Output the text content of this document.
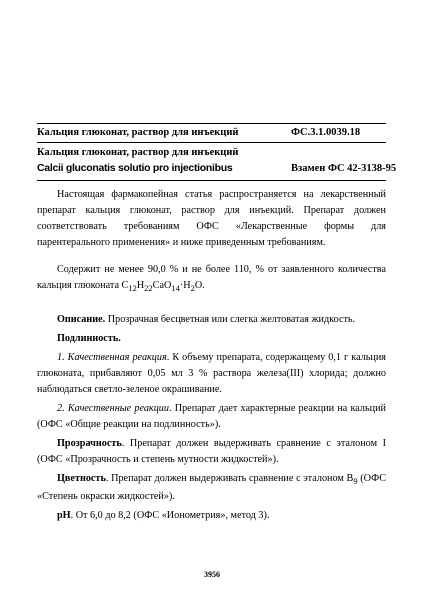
Кальция глюконат, раствор для инъекций	ФС.3.1.0039.18
Кальция глюконат, раствор для инъекций
Calcii gluconatis solutio pro injectionibus	Взамен ФС 42-3138-95

Настоящая фармакопейная статья распространяется на лекарственный препарат кальция глюконат, раствор для инъекций. Препарат должен соответствовать требованиям ОФС «Лекарственные формы для парентерального применения» и ниже приведенным требованиям.

Содержит не менее 90,0 % и не более 110, % от заявленного количества кальция глюконата $C_{12}H_{22}CaO_{14}\cdot H_2O$.

Описание. Прозрачная бесцветная или слегка желтоватая жидкость.

Подлинность.

1. Качественная реакция. К объему препарата, содержащему 0,1 г кальция глюконата, прибавляют 0,05 мл 3 % раствора железа(III) хлорида; должно наблюдаться светло-зеленое окрашивание.

2. Качественные реакции. Препарат дает характерные реакции на кальций (ОФС «Общие реакции на подлинность»).

Прозрачность. Препарат должен выдерживать сравнение с эталоном I (ОФС «Прозрачность и степень мутности жидкостей»).

Цветность. Препарат должен выдерживать сравнение с эталоном $B_9$ (ОФС «Степень окраски жидкостей»).

pH. От 6,0 до 8,2 (ОФС «Ионометрия», метод 3).

3956
